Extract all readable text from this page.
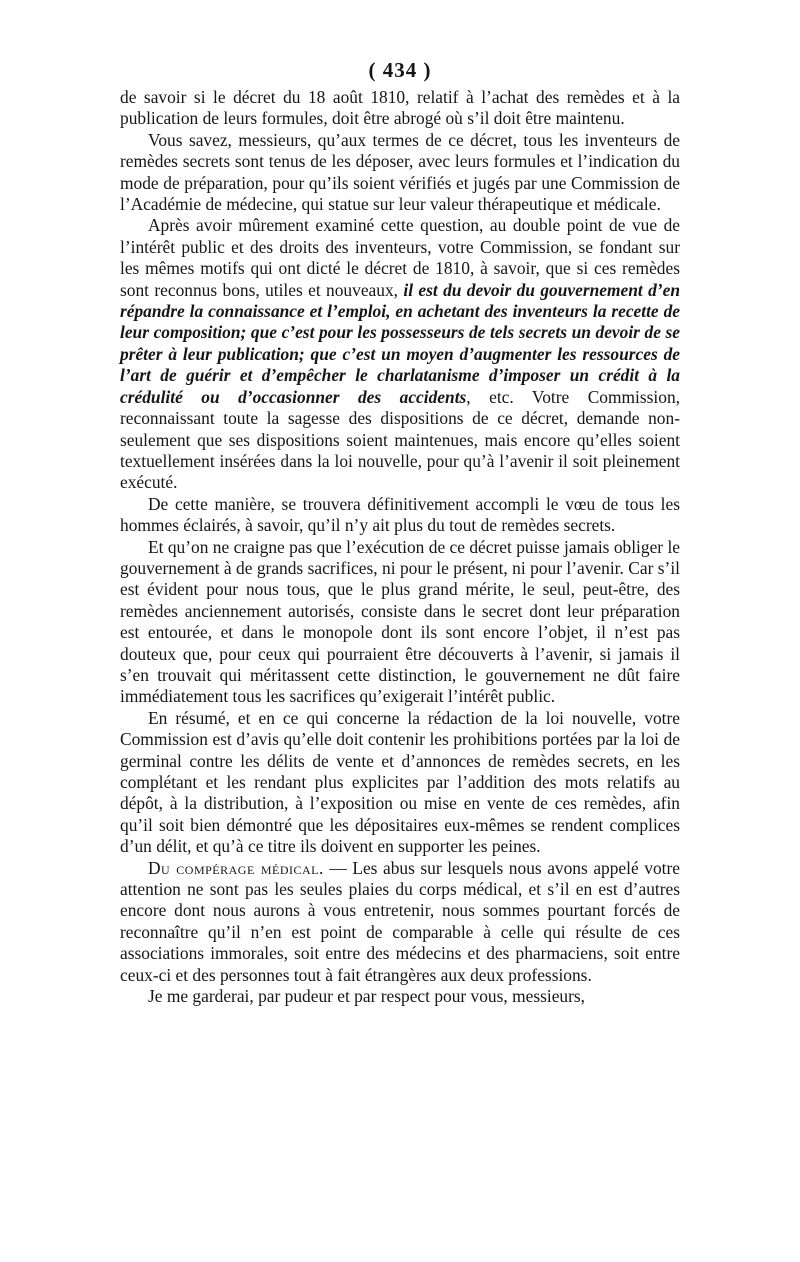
( 434 )

de savoir si le décret du 18 août 1810, relatif à l’achat des remèdes et à la publication de leurs formules, doit être abrogé où s’il doit être maintenu.

Vous savez, messieurs, qu’aux termes de ce décret, tous les inventeurs de remèdes secrets sont tenus de les déposer, avec leurs formules et l’indication du mode de préparation, pour qu’ils soient vérifiés et jugés par une Commission de l’Académie de médecine, qui statue sur leur valeur thérapeutique et médicale.

Après avoir mûrement examiné cette question, au double point de vue de l’intérêt public et des droits des inventeurs, votre Commission, se fondant sur les mêmes motifs qui ont dicté le décret de 1810, à savoir, que si ces remèdes sont reconnus bons, utiles et nouveaux, il est du devoir du gouvernement d’en répandre la connaissance et l’emploi, en achetant des inventeurs la recette de leur composition; que c’est pour les possesseurs de tels secrets un devoir de se prêter à leur publication; que c’est un moyen d’augmenter les ressources de l’art de guérir et d’empêcher le charlatanisme d’imposer un crédit à la crédulité ou d’occasionner des accidents, etc. Votre Commission, reconnaissant toute la sagesse des dispositions de ce décret, demande non-seulement que ses dispositions soient maintenues, mais encore qu’elles soient textuellement insérées dans la loi nouvelle, pour qu’à l’avenir il soit pleinement exécuté.

De cette manière, se trouvera définitivement accompli le vœu de tous les hommes éclairés, à savoir, qu’il n’y ait plus du tout de remèdes secrets.

Et qu’on ne craigne pas que l’exécution de ce décret puisse jamais obliger le gouvernement à de grands sacrifices, ni pour le présent, ni pour l’avenir. Car s’il est évident pour nous tous, que le plus grand mérite, le seul, peut-être, des remèdes anciennement autorisés, consiste dans le secret dont leur préparation est entourée, et dans le monopole dont ils sont encore l’objet, il n’est pas douteux que, pour ceux qui pourraient être découverts à l’avenir, si jamais il s’en trouvait qui méritassent cette distinction, le gouvernement ne dût faire immédiatement tous les sacrifices qu’exigerait l’intérêt public.

En résumé, et en ce qui concerne la rédaction de la loi nouvelle, votre Commission est d’avis qu’elle doit contenir les prohibitions portées par la loi de germinal contre les délits de vente et d’annonces de remèdes secrets, en les complétant et les rendant plus explicites par l’addition des mots relatifs au dépôt, à la distribution, à l’exposition ou mise en vente de ces remèdes, afin qu’il soit bien démontré que les dépositaires eux-mêmes se rendent complices d’un délit, et qu’à ce titre ils doivent en supporter les peines.

Du compérage médical. — Les abus sur lesquels nous avons appelé votre attention ne sont pas les seules plaies du corps médical, et s’il en est d’autres encore dont nous aurons à vous entretenir, nous sommes pourtant forcés de reconnaître qu’il n’en est point de comparable à celle qui résulte de ces associations immorales, soit entre des médecins et des pharmaciens, soit entre ceux-ci et des personnes tout à fait étrangères aux deux professions.

Je me garderai, par pudeur et par respect pour vous, messieurs,
